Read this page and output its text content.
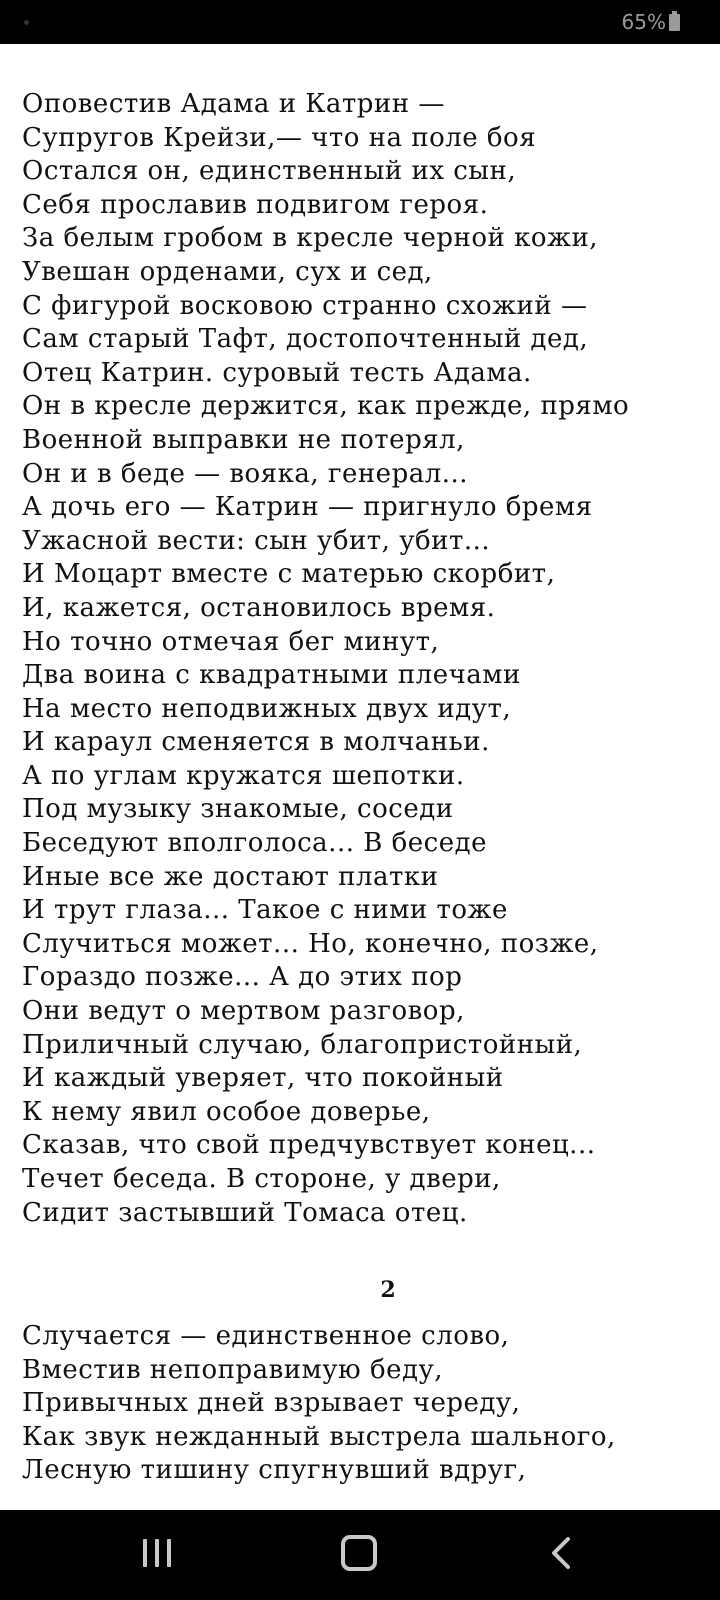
65%
Оповестив Адама и Катрин —
Супругов Крейзи,— что на поле боя
Остался он, единственный их сын,
Себя прославив подвигом героя.
За белым гробом в кресле черной кожи,
Увешан орденами, сух и сед,
С фигурой восковою странно схожий —
Сам старый Тафт, достопочтенный дед,
Отец Катрин. суровый тесть Адама.
Он в кресле держится, как прежде, прямо
Военной выправки не потерял,
Он и в беде — вояка, генерал...
А дочь его — Катрин — пригнуло бремя
Ужасной вести: сын убит, убит...
И Моцарт вместе с матерью скорбит,
И, кажется, остановилось время.
Но точно отмечая бег минут,
Два воина с квадратными плечами
На место неподвижных двух идут,
И караул сменяется в молчаньи.
А по углам кружатся шепотки.
Под музыку знакомые, соседи
Беседуют вполголоса... В беседе
Иные все же достают платки
И трут глаза... Такое с ними тоже
Случиться может... Но, конечно, позже,
Гораздо позже... А до этих пор
Они ведут о мертвом разговор,
Приличный случаю, благопристойный,
И каждый уверяет, что покойный
К нему явил особое доверье,
Сказав, что свой предчувствует конец...
Течет беседа. В стороне, у двери,
Сидит застывший Томаса отец.
2
Случается — единственное слово,
Вместив непоправимую беду,
Привычных дней взрывает череду,
Как звук нежданный выстрела шального,
Лесную тишину спугнувший вдруг,
